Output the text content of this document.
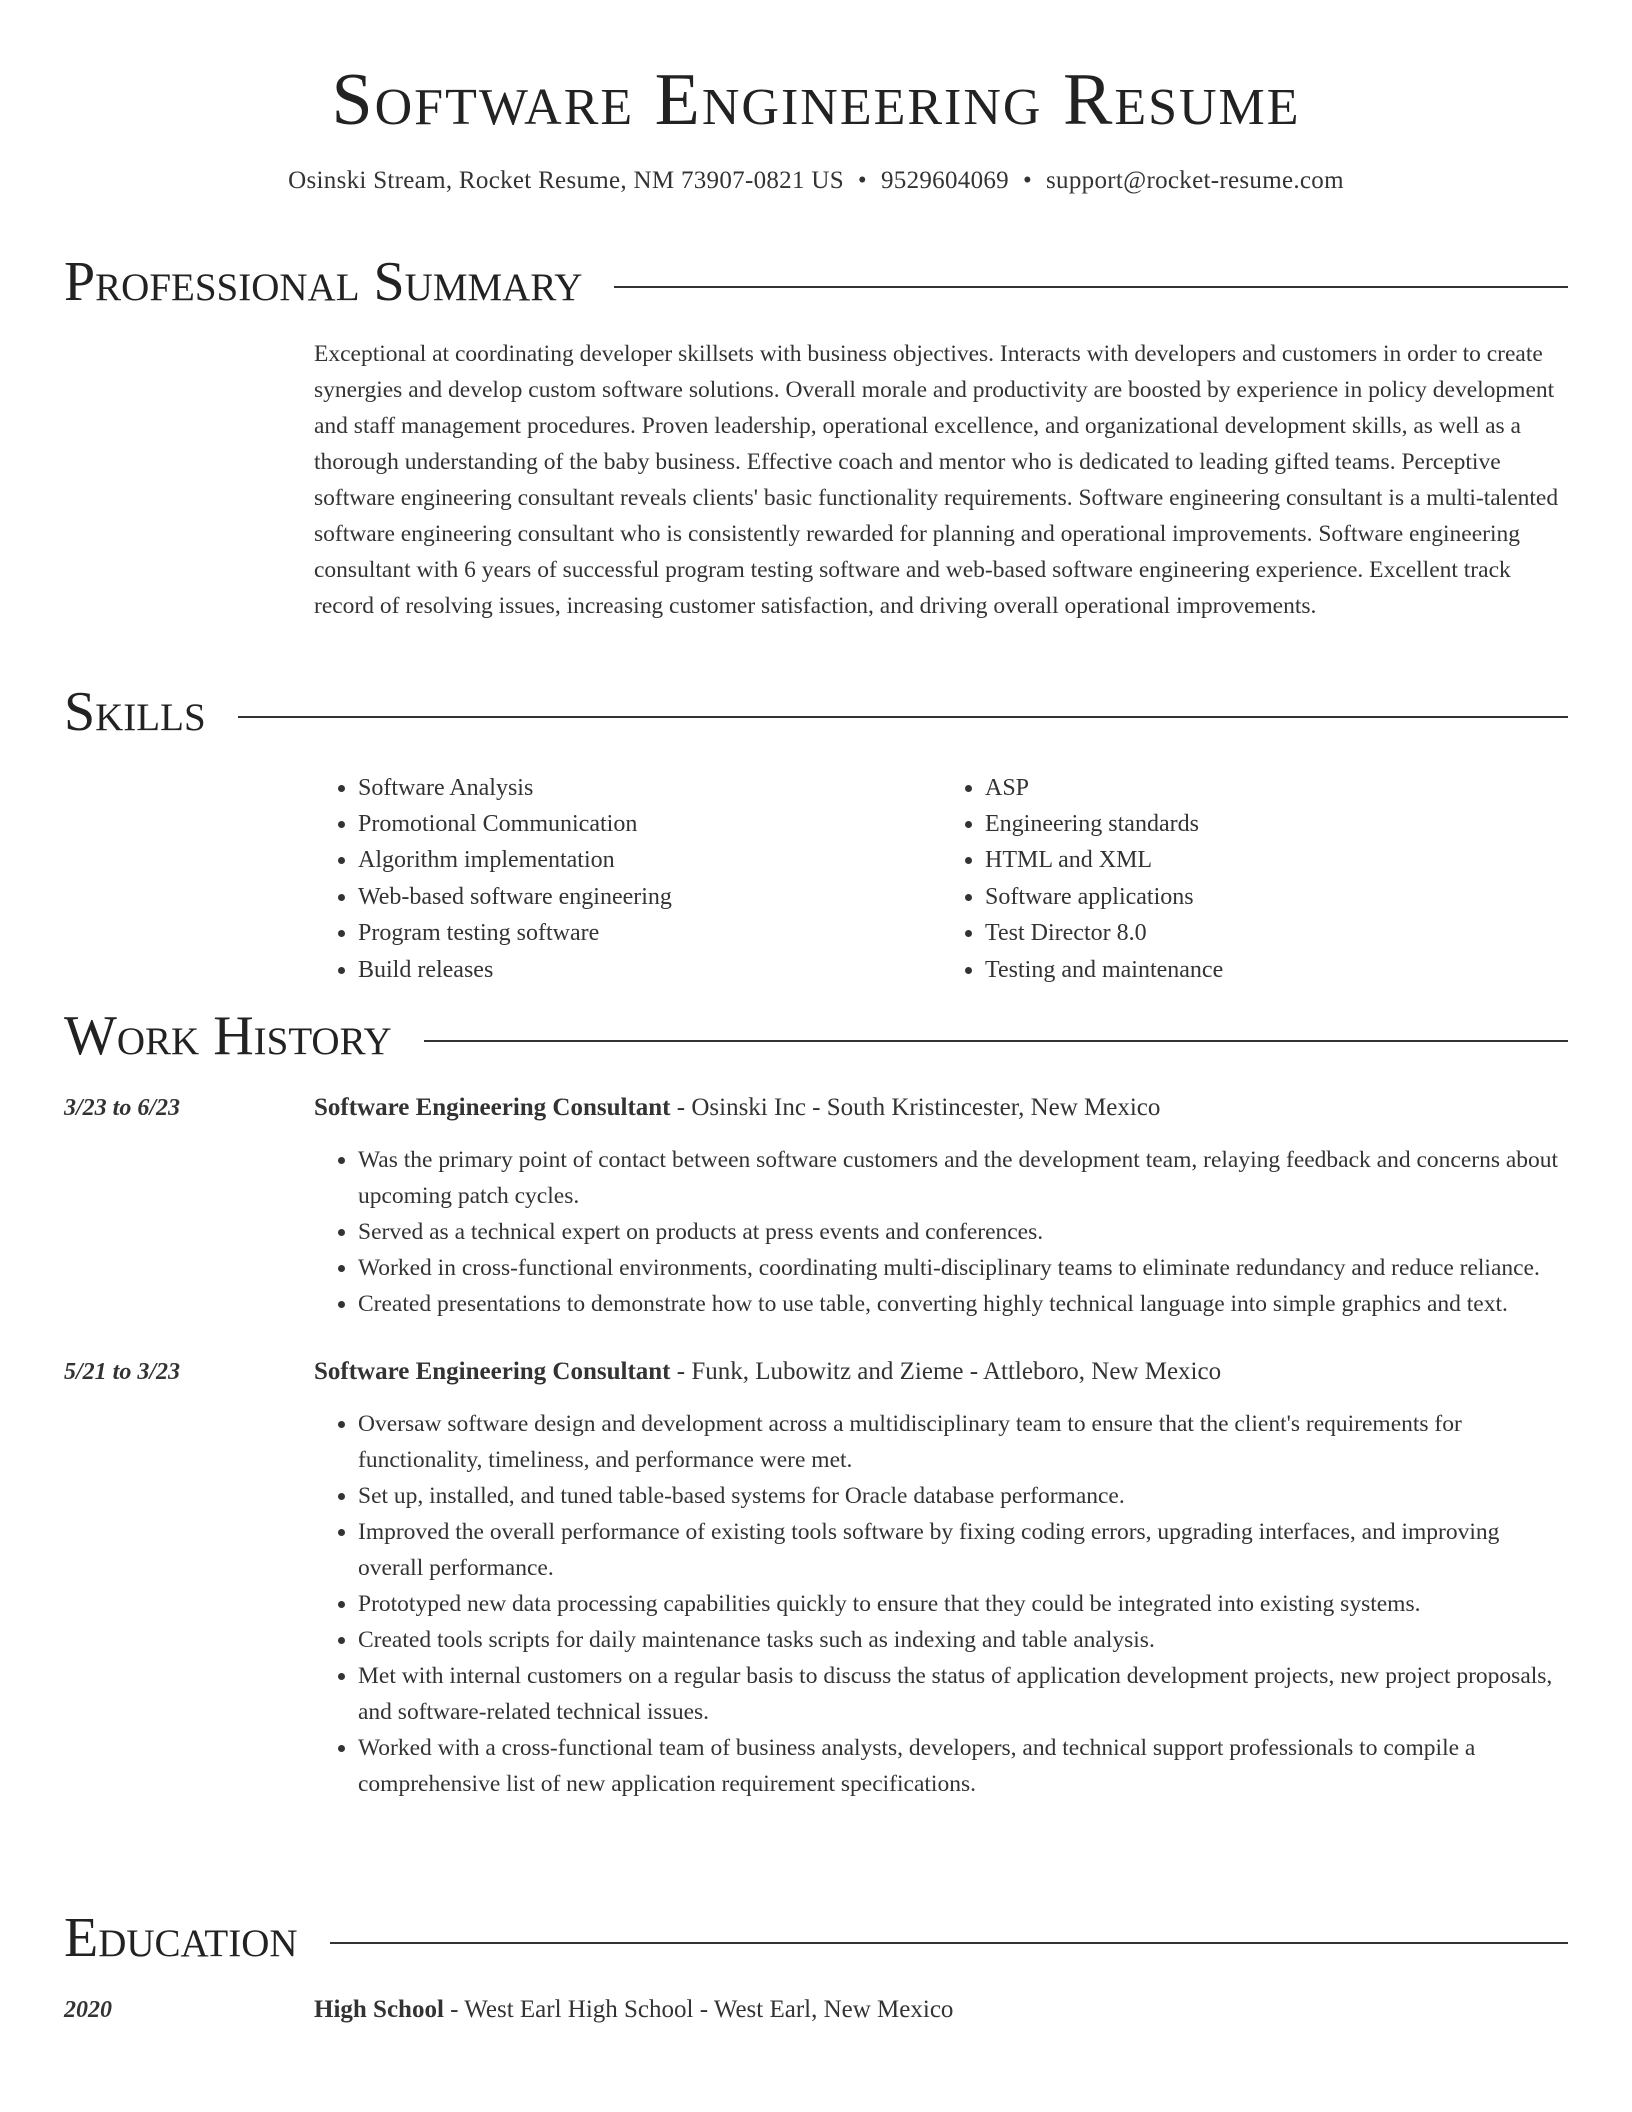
Software Engineering Resume
Osinski Stream, Rocket Resume, NM 73907-0821 US • 9529604069 • support@rocket-resume.com
Professional Summary
Exceptional at coordinating developer skillsets with business objectives. Interacts with developers and customers in order to create synergies and develop custom software solutions. Overall morale and productivity are boosted by experience in policy development and staff management procedures. Proven leadership, operational excellence, and organizational development skills, as well as a thorough understanding of the baby business. Effective coach and mentor who is dedicated to leading gifted teams. Perceptive software engineering consultant reveals clients' basic functionality requirements. Software engineering consultant is a multi-talented software engineering consultant who is consistently rewarded for planning and operational improvements. Software engineering consultant with 6 years of successful program testing software and web-based software engineering experience. Excellent track record of resolving issues, increasing customer satisfaction, and driving overall operational improvements.
Skills
• Software Analysis
• Promotional Communication
• Algorithm implementation
• Web-based software engineering
• Program testing software
• Build releases
• ASP
• Engineering standards
• HTML and XML
• Software applications
• Test Director 8.0
• Testing and maintenance
Work History
3/23 to 6/23	Software Engineering Consultant - Osinski Inc - South Kristincester, New Mexico
• Was the primary point of contact between software customers and the development team, relaying feedback and concerns about upcoming patch cycles.
• Served as a technical expert on products at press events and conferences.
• Worked in cross-functional environments, coordinating multi-disciplinary teams to eliminate redundancy and reduce reliance.
• Created presentations to demonstrate how to use table, converting highly technical language into simple graphics and text.
5/21 to 3/23	Software Engineering Consultant - Funk, Lubowitz and Zieme - Attleboro, New Mexico
• Oversaw software design and development across a multidisciplinary team to ensure that the client's requirements for functionality, timeliness, and performance were met.
• Set up, installed, and tuned table-based systems for Oracle database performance.
• Improved the overall performance of existing tools software by fixing coding errors, upgrading interfaces, and improving overall performance.
• Prototyped new data processing capabilities quickly to ensure that they could be integrated into existing systems.
• Created tools scripts for daily maintenance tasks such as indexing and table analysis.
• Met with internal customers on a regular basis to discuss the status of application development projects, new project proposals, and software-related technical issues.
• Worked with a cross-functional team of business analysts, developers, and technical support professionals to compile a comprehensive list of new application requirement specifications.
Education
2020	High School - West Earl High School - West Earl, New Mexico
